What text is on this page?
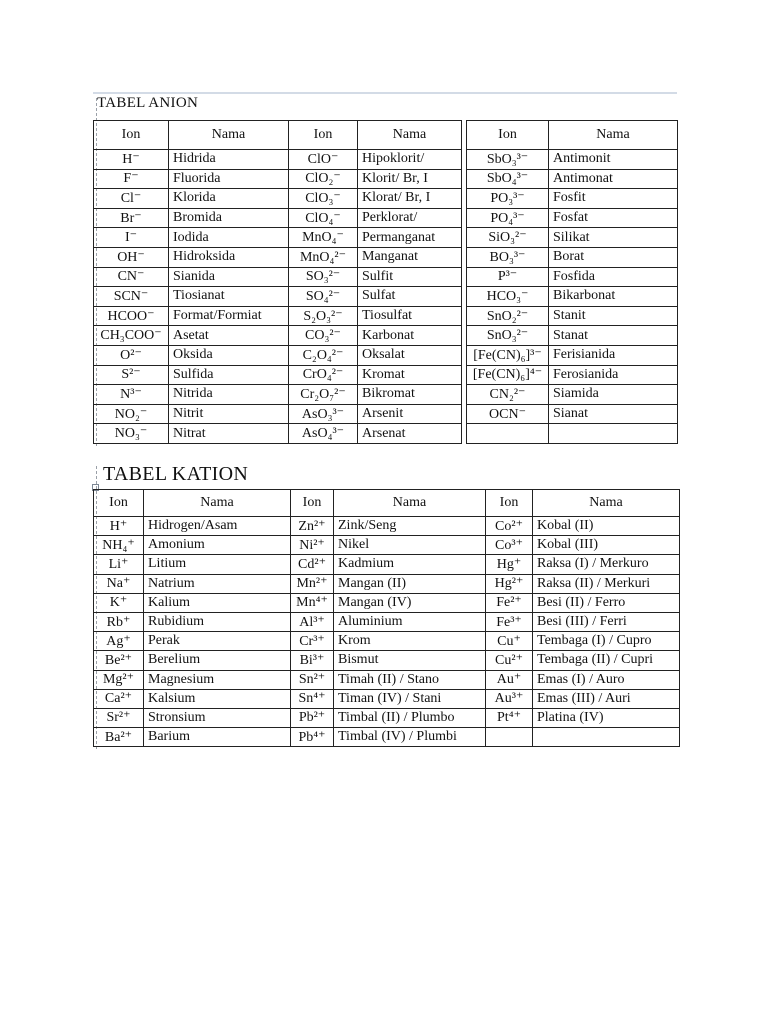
TABEL ANION
Ion	Nama	Ion	Nama		Ion	Nama
H⁻	Hidrida	ClO⁻	Hipoklorit/		SbO₃³⁻	Antimonit
F⁻	Fluorida	ClO₂⁻	Klorit/ Br, I		SbO₄³⁻	Antimonat
Cl⁻	Klorida	ClO₃⁻	Klorat/ Br, I		PO₃³⁻	Fosfit
Br⁻	Bromida	ClO₄⁻	Perklorat/		PO₄³⁻	Fosfat
I⁻	Iodida	MnO₄⁻	Permanganat		SiO₃²⁻	Silikat
OH⁻	Hidroksida	MnO₄²⁻	Manganat		BO₃³⁻	Borat
CN⁻	Sianida	SO₃²⁻	Sulfit		P³⁻	Fosfida
SCN⁻	Tiosianat	SO₄²⁻	Sulfat		HCO₃⁻	Bikarbonat
HCOO⁻	Format/Formiat	S₂O₃²⁻	Tiosulfat		SnO₂²⁻	Stanit
CH₃COO⁻	Asetat	CO₃²⁻	Karbonat		SnO₃²⁻	Stanat
O²⁻	Oksida	C₂O₄²⁻	Oksalat		[Fe(CN)₆]³⁻	Ferisianida
S²⁻	Sulfida	CrO₄²⁻	Kromat		[Fe(CN)₆]⁴⁻	Ferosianida
N³⁻	Nitrida	Cr₂O₇²⁻	Bikromat		CN₂²⁻	Siamida
NO₂⁻	Nitrit	AsO₃³⁻	Arsenit		OCN⁻	Sianat
NO₃⁻	Nitrat	AsO₄³⁻	Arsenat			
TABEL KATION
Ion	Nama	Ion	Nama		Ion	Nama
H⁺	Hidrogen/Asam	Zn²⁺	Zink/Seng		Co²⁺	Kobal (II)
NH₄⁺	Amonium	Ni²⁺	Nikel		Co³⁺	Kobal (III)
Li⁺	Litium	Cd²⁺	Kadmium		Hg⁺	Raksa (I) / Merkuro
Na⁺	Natrium	Mn²⁺	Mangan (II)		Hg²⁺	Raksa (II) / Merkuri
K⁺	Kalium	Mn⁴⁺	Mangan (IV)		Fe²⁺	Besi (II) / Ferro
Rb⁺	Rubidium	Al³⁺	Aluminium		Fe³⁺	Besi (III) / Ferri
Ag⁺	Perak	Cr³⁺	Krom		Cu⁺	Tembaga (I) / Cupro
Be²⁺	Berelium	Bi³⁺	Bismut		Cu²⁺	Tembaga (II) / Cupri
Mg²⁺	Magnesium	Sn²⁺	Timah (II) / Stano		Au⁺	Emas (I) / Auro
Ca²⁺	Kalsium	Sn⁴⁺	Timan (IV) / Stani		Au³⁺	Emas (III) / Auri
Sr²⁺	Stronsium	Pb²⁺	Timbal (II) / Plumbo		Pt⁴⁺	Platina (IV)
Ba²⁺	Barium	Pb⁴⁺	Timbal (IV) / Plumbi			
